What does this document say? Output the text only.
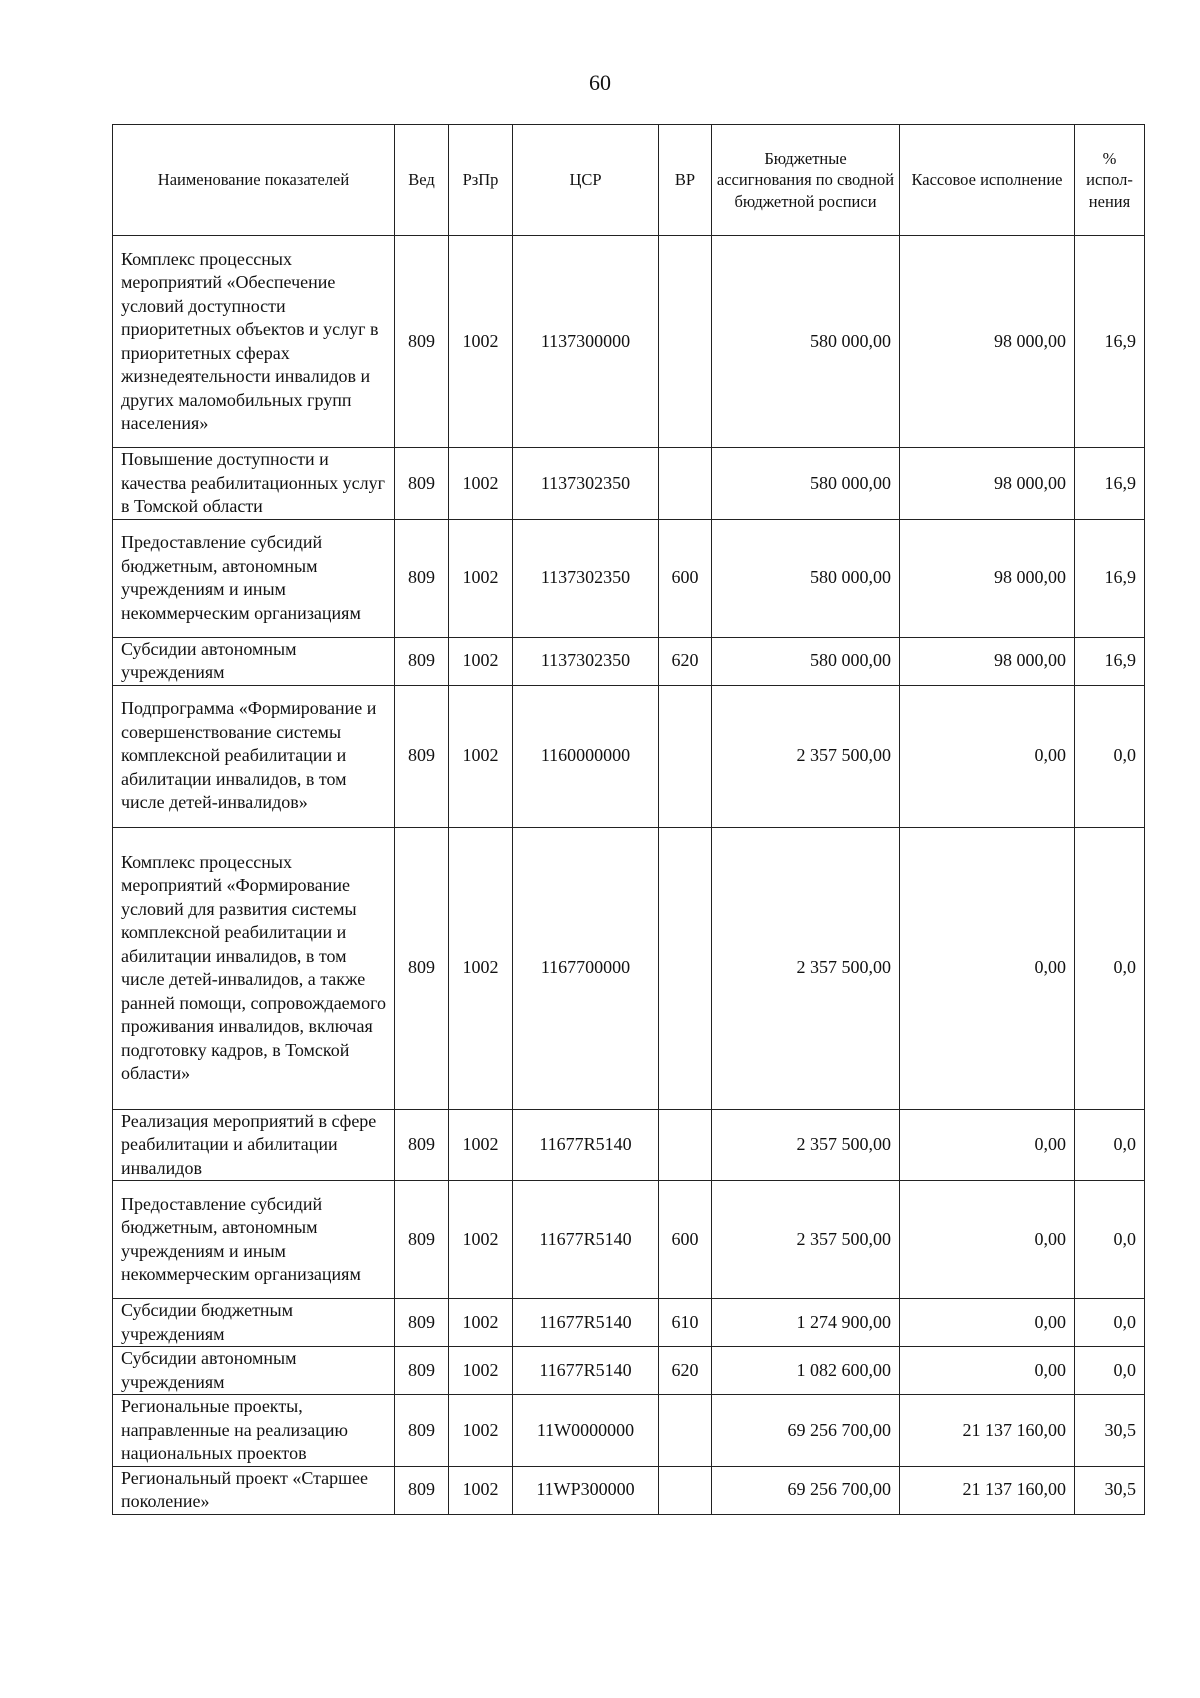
60
Наименование показателей	Вед	РзПр	ЦСР	ВР	Бюджетные ассигнования по сводной бюджетной росписи	Кассовое исполнение	% испол-нения
Комплекс процессных мероприятий «Обеспечение условий доступности приоритетных объектов и услуг в приоритетных сферах жизнедеятельности инвалидов и других маломобильных групп населения»	809	1002	1137300000		580 000,00	98 000,00	16,9
Повышение доступности и качества реабилитационных услуг в Томской области	809	1002	1137302350		580 000,00	98 000,00	16,9
Предоставление субсидий бюджетным, автономным учреждениям и иным некоммерческим организациям	809	1002	1137302350	600	580 000,00	98 000,00	16,9
Субсидии автономным учреждениям	809	1002	1137302350	620	580 000,00	98 000,00	16,9
Подпрограмма «Формирование и совершенствование системы комплексной реабилитации и абилитации инвалидов, в том числе детей-инвалидов»	809	1002	1160000000		2 357 500,00	0,00	0,0
Комплекс процессных мероприятий «Формирование условий для развития системы комплексной реабилитации и абилитации инвалидов, в том числе детей-инвалидов, а также ранней помощи, сопровождаемого проживания инвалидов, включая подготовку кадров, в Томской области»	809	1002	1167700000		2 357 500,00	0,00	0,0
Реализация мероприятий в сфере реабилитации и абилитации инвалидов	809	1002	11677R5140		2 357 500,00	0,00	0,0
Предоставление субсидий бюджетным, автономным учреждениям и иным некоммерческим организациям	809	1002	11677R5140	600	2 357 500,00	0,00	0,0
Субсидии бюджетным учреждениям	809	1002	11677R5140	610	1 274 900,00	0,00	0,0
Субсидии автономным учреждениям	809	1002	11677R5140	620	1 082 600,00	0,00	0,0
Региональные проекты, направленные на реализацию национальных проектов	809	1002	11W0000000		69 256 700,00	21 137 160,00	30,5
Региональный проект «Старшее поколение»	809	1002	11WP300000		69 256 700,00	21 137 160,00	30,5
